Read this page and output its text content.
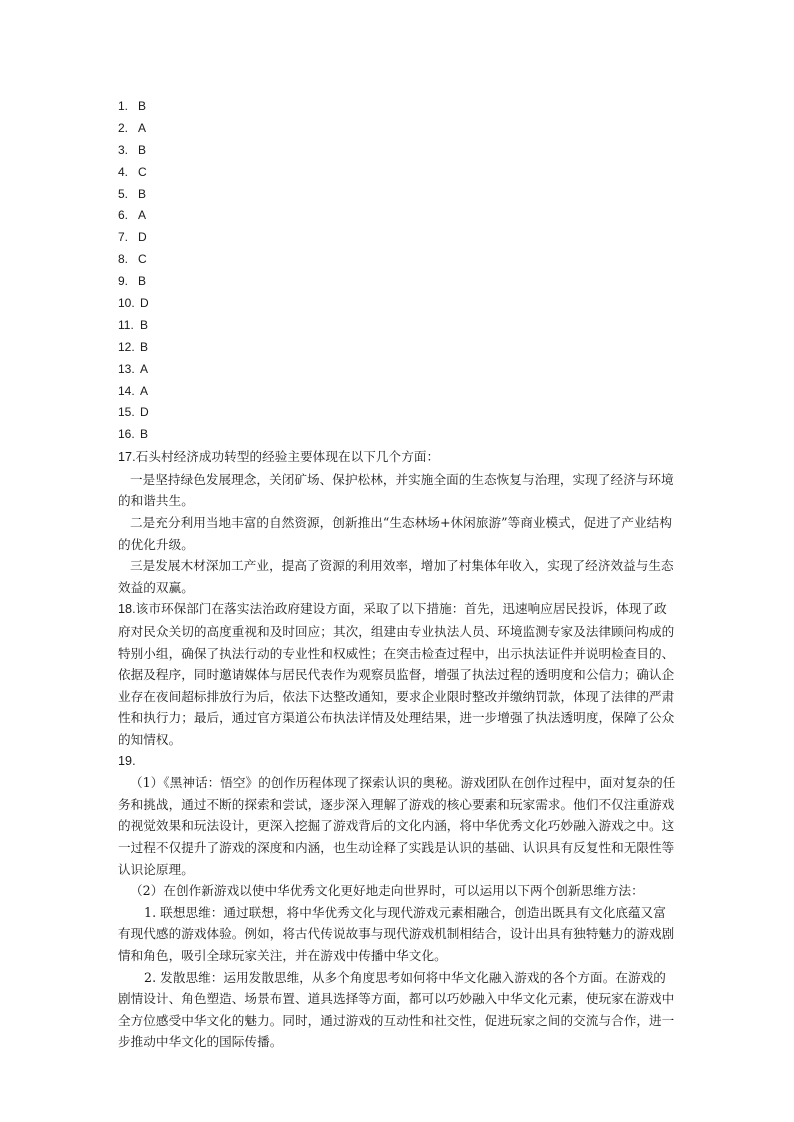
1. B
2. A
3. B
4. C
5. B
6. A
7. D
8. C
9. B
10. D
11. B
12. B
13. A
14. A
15. D
16. B

17.石头村经济成功转型的经验主要体现在以下几个方面：

一是坚持绿色发展理念，关闭矿场、保护松林，并实施全面的生态恢复与治理，实现了经济与环境的和谐共生。

二是充分利用当地丰富的自然资源，创新推出“生态林场+休闲旅游”等商业模式，促进了产业结构的优化升级。

三是发展木材深加工产业，提高了资源的利用效率，增加了村集体年收入，实现了经济效益与生态效益的双赢。

18.该市环保部门在落实法治政府建设方面，采取了以下措施：首先，迅速响应居民投诉，体现了政府对民众关切的高度重视和及时回应；其次，组建由专业执法人员、环境监测专家及法律顾问构成的特别小组，确保了执法行动的专业性和权威性；在突击检查过程中，出示执法证件并说明检查目的、依据及程序，同时邀请媒体与居民代表作为观察员监督，增强了执法过程的透明度和公信力；确认企业存在夜间超标排放行为后，依法下达整改通知，要求企业限时整改并缴纳罚款，体现了法律的严肃性和执行力；最后，通过官方渠道公布执法详情及处理结果，进一步增强了执法透明度，保障了公众的知情权。

19.

（1）《黑神话：悟空》的创作历程体现了探索认识的奥秘。游戏团队在创作过程中，面对复杂的任务和挑战，通过不断的探索和尝试，逐步深入理解了游戏的核心要素和玩家需求。他们不仅注重游戏的视觉效果和玩法设计，更深入挖掘了游戏背后的文化内涵，将中华优秀文化巧妙融入游戏之中。这一过程不仅提升了游戏的深度和内涵，也生动诠释了实践是认识的基础、认识具有反复性和无限性等认识论原理。

（2）在创作新游戏以使中华优秀文化更好地走向世界时，可以运用以下两个创新思维方法：

1. 联想思维：通过联想，将中华优秀文化与现代游戏元素相融合，创造出既具有文化底蕴又富有现代感的游戏体验。例如，将古代传说故事与现代游戏机制相结合，设计出具有独特魅力的游戏剧情和角色，吸引全球玩家关注，并在游戏中传播中华文化。

2. 发散思维：运用发散思维，从多个角度思考如何将中华文化融入游戏的各个方面。在游戏的剧情设计、角色塑造、场景布置、道具选择等方面，都可以巧妙融入中华文化元素，使玩家在游戏中全方位感受中华文化的魅力。同时，通过游戏的互动性和社交性，促进玩家之间的交流与合作，进一步推动中华文化的国际传播。
